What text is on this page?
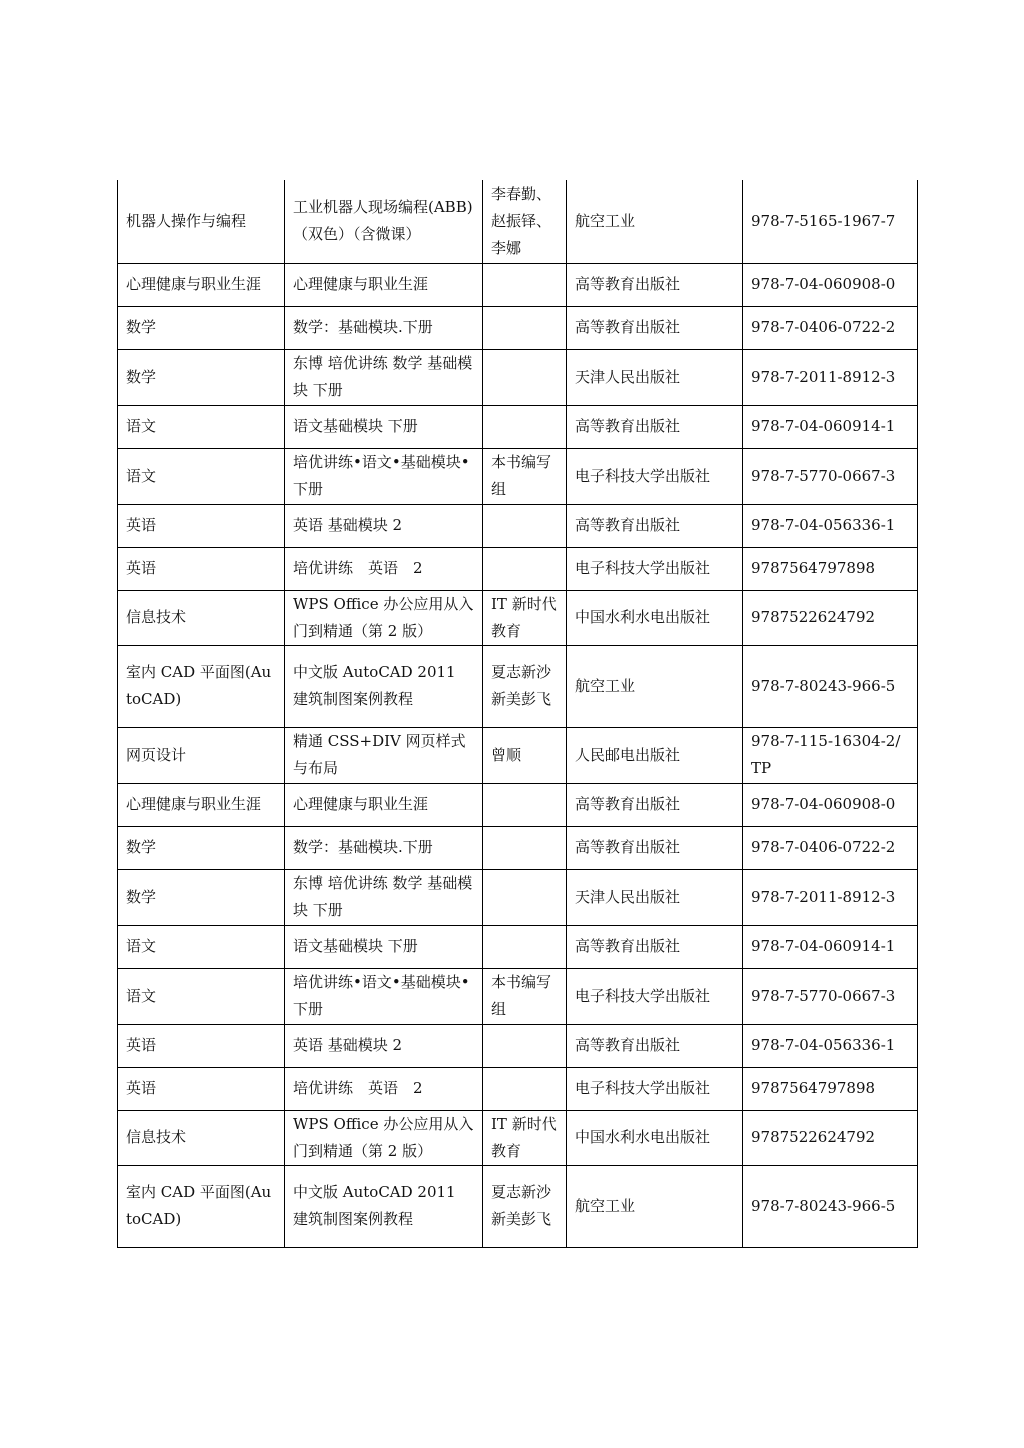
机器人操作与编程	工业机器人现场编程(ABB)（双色）（含微课）	李春勤、赵振铎、李娜	航空工业	978-7-5165-1967-7
心理健康与职业生涯	心理健康与职业生涯		高等教育出版社	978-7-04-060908-0
数学	数学：基础模块.下册		高等教育出版社	978-7-0406-0722-2
数学	东博 培优讲练 数学 基础模块 下册		天津人民出版社	978-7-2011-8912-3
语文	语文基础模块 下册		高等教育出版社	978-7-04-060914-1
语文	培优讲练•语文•基础模块•下册	本书编写组	电子科技大学出版社	978-7-5770-0667-3
英语	英语 基础模块 2		高等教育出版社	978-7-04-056336-1
英语	培优讲练　英语　2		电子科技大学出版社	9787564797898
信息技术	WPS Office 办公应用从入门到精通（第 2 版）	IT 新时代教育	中国水利水电出版社	9787522624792
室内 CAD 平面图(AutoCAD)	中文版 AutoCAD 2011 建筑制图案例教程	夏志新沙新美彭飞	航空工业	978-7-80243-966-5
网页设计	精通 CSS+DIV 网页样式与布局	曾顺	人民邮电出版社	978-7-115-16304-2/TP
心理健康与职业生涯	心理健康与职业生涯		高等教育出版社	978-7-04-060908-0
数学	数学：基础模块.下册		高等教育出版社	978-7-0406-0722-2
数学	东博 培优讲练 数学 基础模块 下册		天津人民出版社	978-7-2011-8912-3
语文	语文基础模块 下册		高等教育出版社	978-7-04-060914-1
语文	培优讲练•语文•基础模块•下册	本书编写组	电子科技大学出版社	978-7-5770-0667-3
英语	英语 基础模块 2		高等教育出版社	978-7-04-056336-1
英语	培优讲练　英语　2		电子科技大学出版社	9787564797898
信息技术	WPS Office 办公应用从入门到精通（第 2 版）	IT 新时代教育	中国水利水电出版社	9787522624792
室内 CAD 平面图(AutoCAD)	中文版 AutoCAD 2011 建筑制图案例教程	夏志新沙新美彭飞	航空工业	978-7-80243-966-5
